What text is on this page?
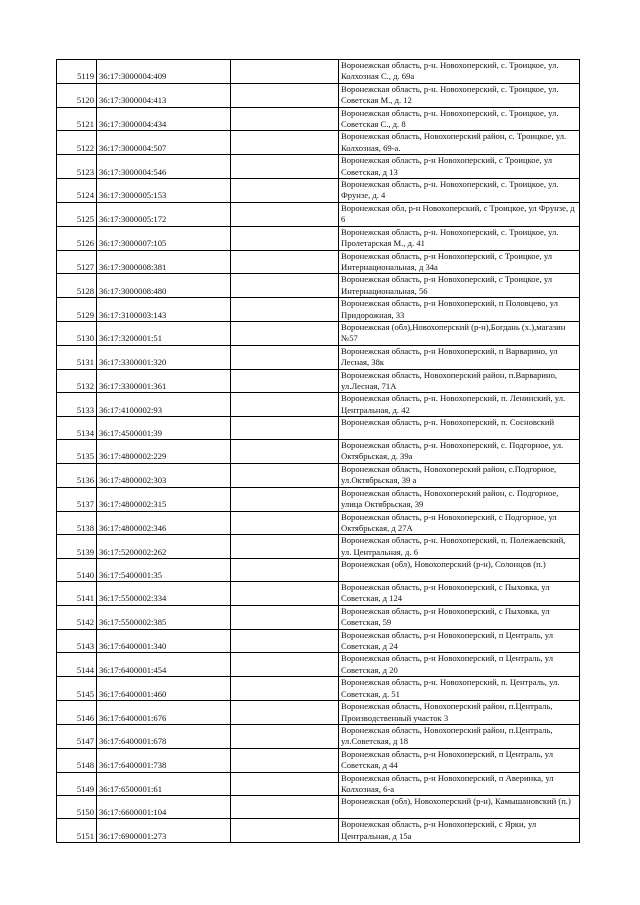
5119	36:17:3000004:409		Воронежская область, р-н. Новохоперский, с. Троицкое, ул. Колхозная С., д. 69а
5120	36:17:3000004:413		Воронежская область, р-н. Новохоперский, с. Троицкое, ул. Советская М., д. 12
5121	36:17:3000004:434		Воронежская область, р-н. Новохоперский, с. Троицкое, ул. Советская С., д. 8
5122	36:17:3000004:507		Воронежская область, Новохоперский район, с. Троицкое, ул. Колхозная, 69-а.
5123	36:17:3000004:546		Воронежская область, р-н Новохоперский, с Троицкое, ул Советская, д 13
5124	36:17:3000005:153		Воронежская область, р-н. Новохоперский, с. Троицкое, ул. Фрунзе, д. 4
5125	36:17:3000005:172		Воронежская обл, р-н Новохоперский, с Троицкое, ул Фрунзе, д 6
5126	36:17:3000007:105		Воронежская область, р-н. Новохоперский, с. Троицкое, ул. Пролетарская М., д. 41
5127	36:17:3000008:381		Воронежская область, р-н Новохоперский, с Троицкое, ул Интернациональная, д 34а
5128	36:17:3000008:480		Воронежская область, р-н Новохоперский, с Троицкое, ул Интернациональная, 56
5129	36:17:3100003:143		Воронежская область, р-н Новохоперский, п Половцево, ул Придорожная, 33
5130	36:17:3200001:51		Воронежская (обл),Новохоперский (р-н),Богдань (х.),магазин №57
5131	36:17:3300001:320		Воронежская область, р-н Новохоперский, п Варварино, ул Лесная, 38к
5132	36:17:3300001:361		Воронежская область, Новохоперский район, п.Варварино, ул.Лесная, 71А
5133	36:17:4100002:93		Воронежская область, р-н. Новохоперский, п. Ленинский, ул. Центральная, д. 42
5134	36:17:4500001:39		Воронежская область, р-н. Новохоперский, п. Сосновский
5135	36:17:4800002:229		Воронежская область, р-н. Новохоперский, с. Подгорное, ул. Октябрьская, д. 39а
5136	36:17:4800002:303		Воронежская область, Новохоперский район, с.Подгорное, ул.Октябрьская, 39 а
5137	36:17:4800002:315		Воронежская область, Новохоперский район, с. Подгорное, улица Октябрьская, 39
5138	36:17:4800002:346		Воронежская область, р-н Новохоперский, с Подгорное, ул Октябрьская, д 27А
5139	36:17:5200002:262		Воронежская область, р-н. Новохоперский, п. Полежаевский, ул. Центральная, д. 6
5140	36:17:5400001:35		Воронежская (обл), Новохоперский (р-н), Солонцов (п.)
5141	36:17:5500002:334		Воронежская область, р-н Новохоперский, с Пыховка, ул Советская, д 124
5142	36:17:5500002:385		Воронежская область, р-н Новохоперский, с Пыховка, ул Советская, 59
5143	36:17:6400001:340		Воронежская область, р-н Новохоперский, п Централь, ул Советская, д 24
5144	36:17:6400001:454		Воронежская область, р-н Новохоперский, п Централь, ул Советская, д 20
5145	36:17:6400001:460		Воронежская область, р-н. Новохоперский, п. Централь, ул. Советская, д. 51
5146	36:17:6400001:676		Воронежская область, Новохоперский район, п.Централь, Производственный участок 3
5147	36:17:6400001:678		Воронежская область, Новохоперский район, п.Централь, ул.Советская, д 18
5148	36:17:6400001:738		Воронежская область, р-н Новохоперский, п Централь, ул Советская, д 44
5149	36:17:6500001:61		Воронежская область, р-н Новохоперский, п Аверинка, ул Колхозная, 6-а
5150	36:17:6600001:104		Воронежская (обл), Новохоперский (р-н), Камышановский (п.)
5151	36:17:6900001:273		Воронежская область, р-н Новохоперский, с Ярки, ул Центральная, д 15а
